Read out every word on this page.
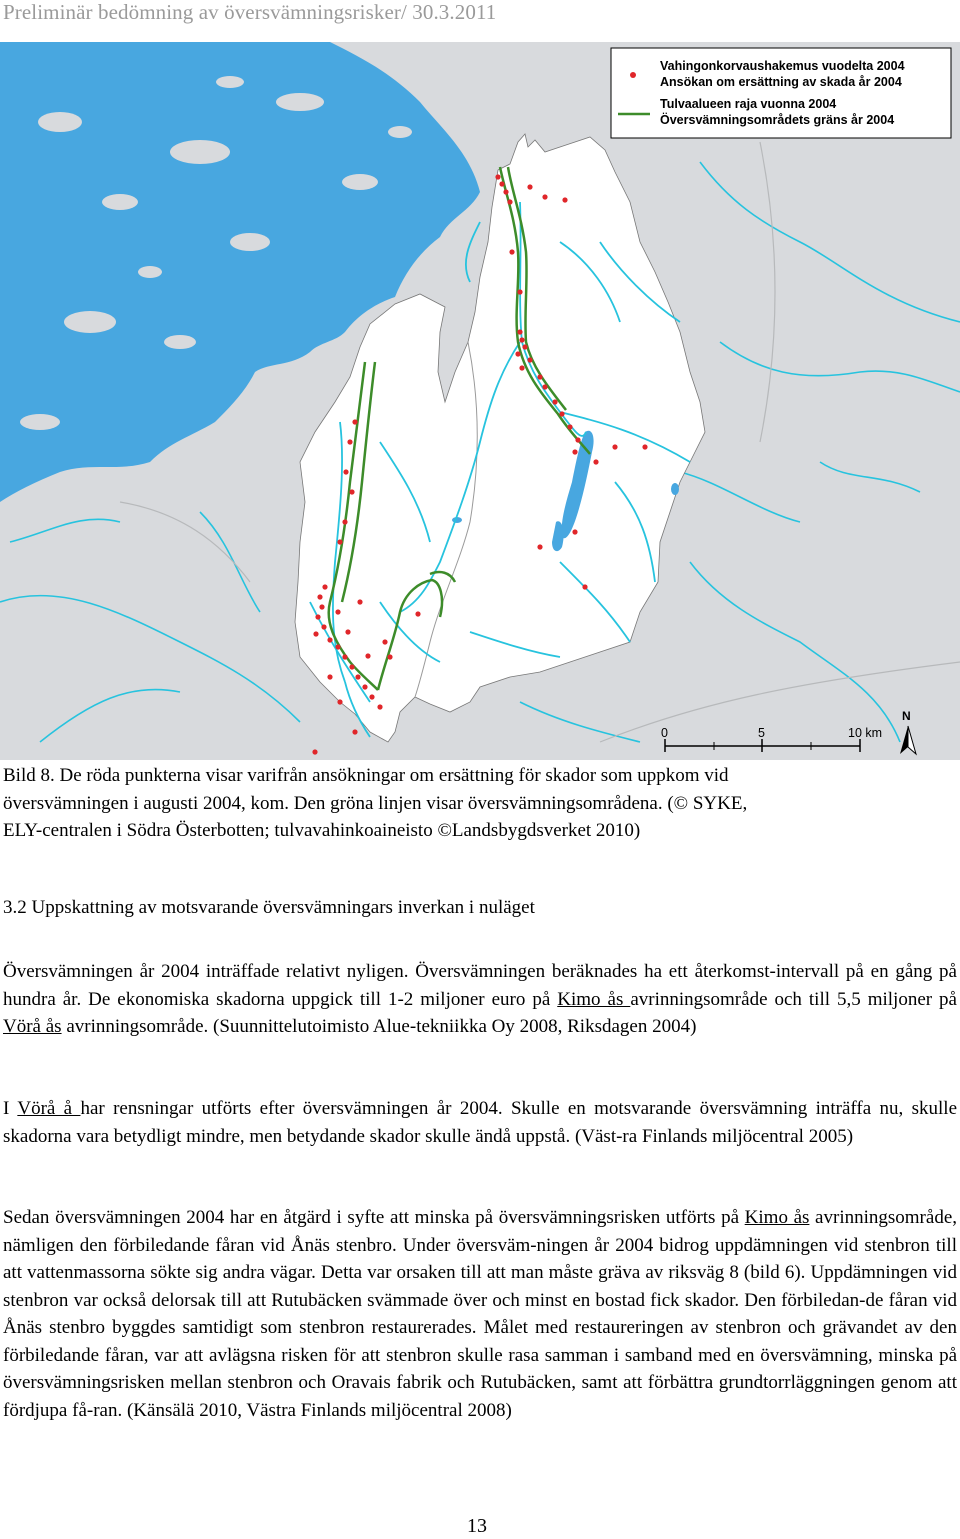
Preliminär bedömning av översvämningsrisker/ 30.3.2011
Vahingonkorvaushakemus vuodelta 2004
Ansökan om ersättning av skada år 2004
Tulvaalueen raja vuonna 2004
Översvämningsområdets gräns år 2004
0	5	10 km
N

Bild 8. De röda punkterna visar varifrån ansökningar om ersättning för skador som uppkom vid
översvämningen i augusti 2004, kom. Den gröna linjen visar översvämningsområdena. (© SYKE,
ELY-centralen i Södra Österbotten; tulvavahinkoaineisto ©Landsbygdsverket 2010)

3.2 Uppskattning av motsvarande översvämningars inverkan i nuläget

Översvämningen år 2004 inträffade relativt nyligen. Översvämningen beräknades ha ett återkomst-intervall på en gång på hundra år. De ekonomiska skadorna uppgick till 1-2 miljoner euro på Kimo ås avrinningsområde och till 5,5 miljoner på Vörå ås avrinningsområde. (Suunnittelutoimisto Alue-tekniikka Oy 2008, Riksdagen 2004)

I Vörå å har rensningar utförts efter översvämningen år 2004. Skulle en motsvarande översvämning inträffa nu, skulle skadorna vara betydligt mindre, men betydande skador skulle ändå uppstå. (Väst-ra Finlands miljöcentral 2005)

Sedan översvämningen 2004 har en åtgärd i syfte att minska på översvämningsrisken utförts på Kimo ås avrinningsområde, nämligen den förbiledande fåran vid Ånäs stenbro. Under översväm-ningen år 2004 bidrog uppdämningen vid stenbron till att vattenmassorna sökte sig andra vägar. Detta var orsaken till att man måste gräva av riksväg 8 (bild 6). Uppdämningen vid stenbron var också delorsak till att Rutubäcken svämmade över och minst en bostad fick skador. Den förbiledan-de fåran vid Ånäs stenbro byggdes samtidigt som stenbron restaurerades. Målet med restaureringen av stenbron och grävandet av den förbiledande fåran, var att avlägsna risken för att stenbron skulle rasa samman i samband med en översvämning, minska på översvämningsrisken mellan stenbron och Oravais fabrik och Rutubäcken, samt att förbättra grundtorrläggningen genom att fördjupa få-ran. (Känsälä 2010, Västra Finlands miljöcentral 2008)

13
